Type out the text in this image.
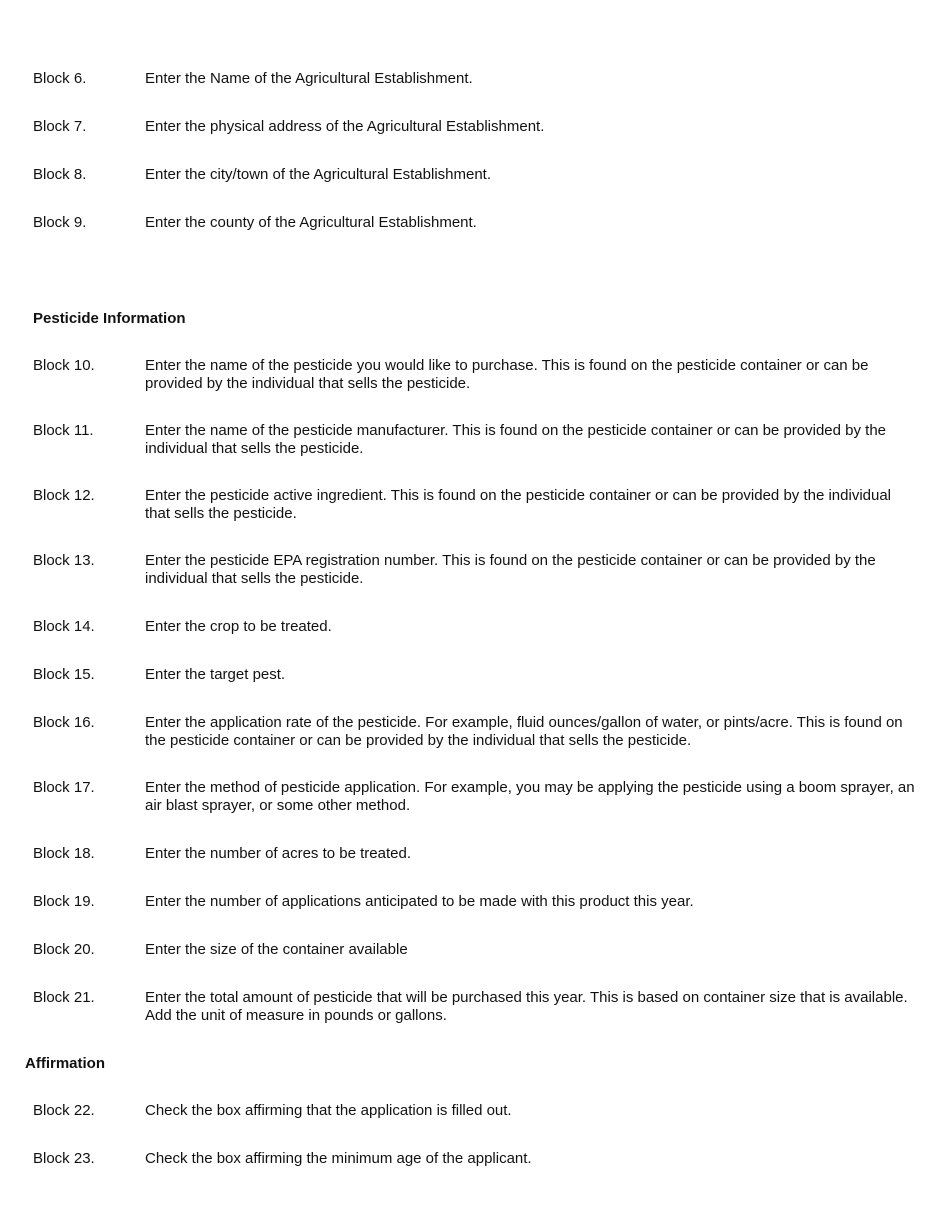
Block 6.	Enter the Name of the Agricultural Establishment.
Block 7.	Enter the physical address of the Agricultural Establishment.
Block 8.	Enter the city/town of the Agricultural Establishment.
Block 9.	Enter the county of the Agricultural Establishment.
Pesticide Information
Block 10.	Enter the name of the pesticide you would like to purchase. This is found on the pesticide container or can be provided by the individual that sells the pesticide.
Block 11.	Enter the name of the pesticide manufacturer. This is found on the pesticide container or can be provided by the individual that sells the pesticide.
Block 12.	Enter the pesticide active ingredient. This is found on the pesticide container or can be provided by the individual that sells the pesticide.
Block 13.	Enter the pesticide EPA registration number. This is found on the pesticide container or can be provided by the individual that sells the pesticide.
Block 14.	Enter the crop to be treated.
Block 15.	Enter the target pest.
Block 16.	Enter the application rate of the pesticide. For example, fluid ounces/gallon of water, or pints/acre. This is found on the pesticide container or can be provided by the individual that sells the pesticide.
Block 17.	Enter the method of pesticide application. For example, you may be applying the pesticide using a boom sprayer, an air blast sprayer, or some other method.
Block 18.	Enter the number of acres to be treated.
Block 19.	Enter the number of applications anticipated to be made with this product this year.
Block 20.	Enter the size of the container available
Block 21.	Enter the total amount of pesticide that will be purchased this year. This is based on container size that is available. Add the unit of measure in pounds or gallons.
Affirmation
Block 22.	Check the box affirming that the application is filled out.
Block 23.	Check the box affirming the minimum age of the applicant.
